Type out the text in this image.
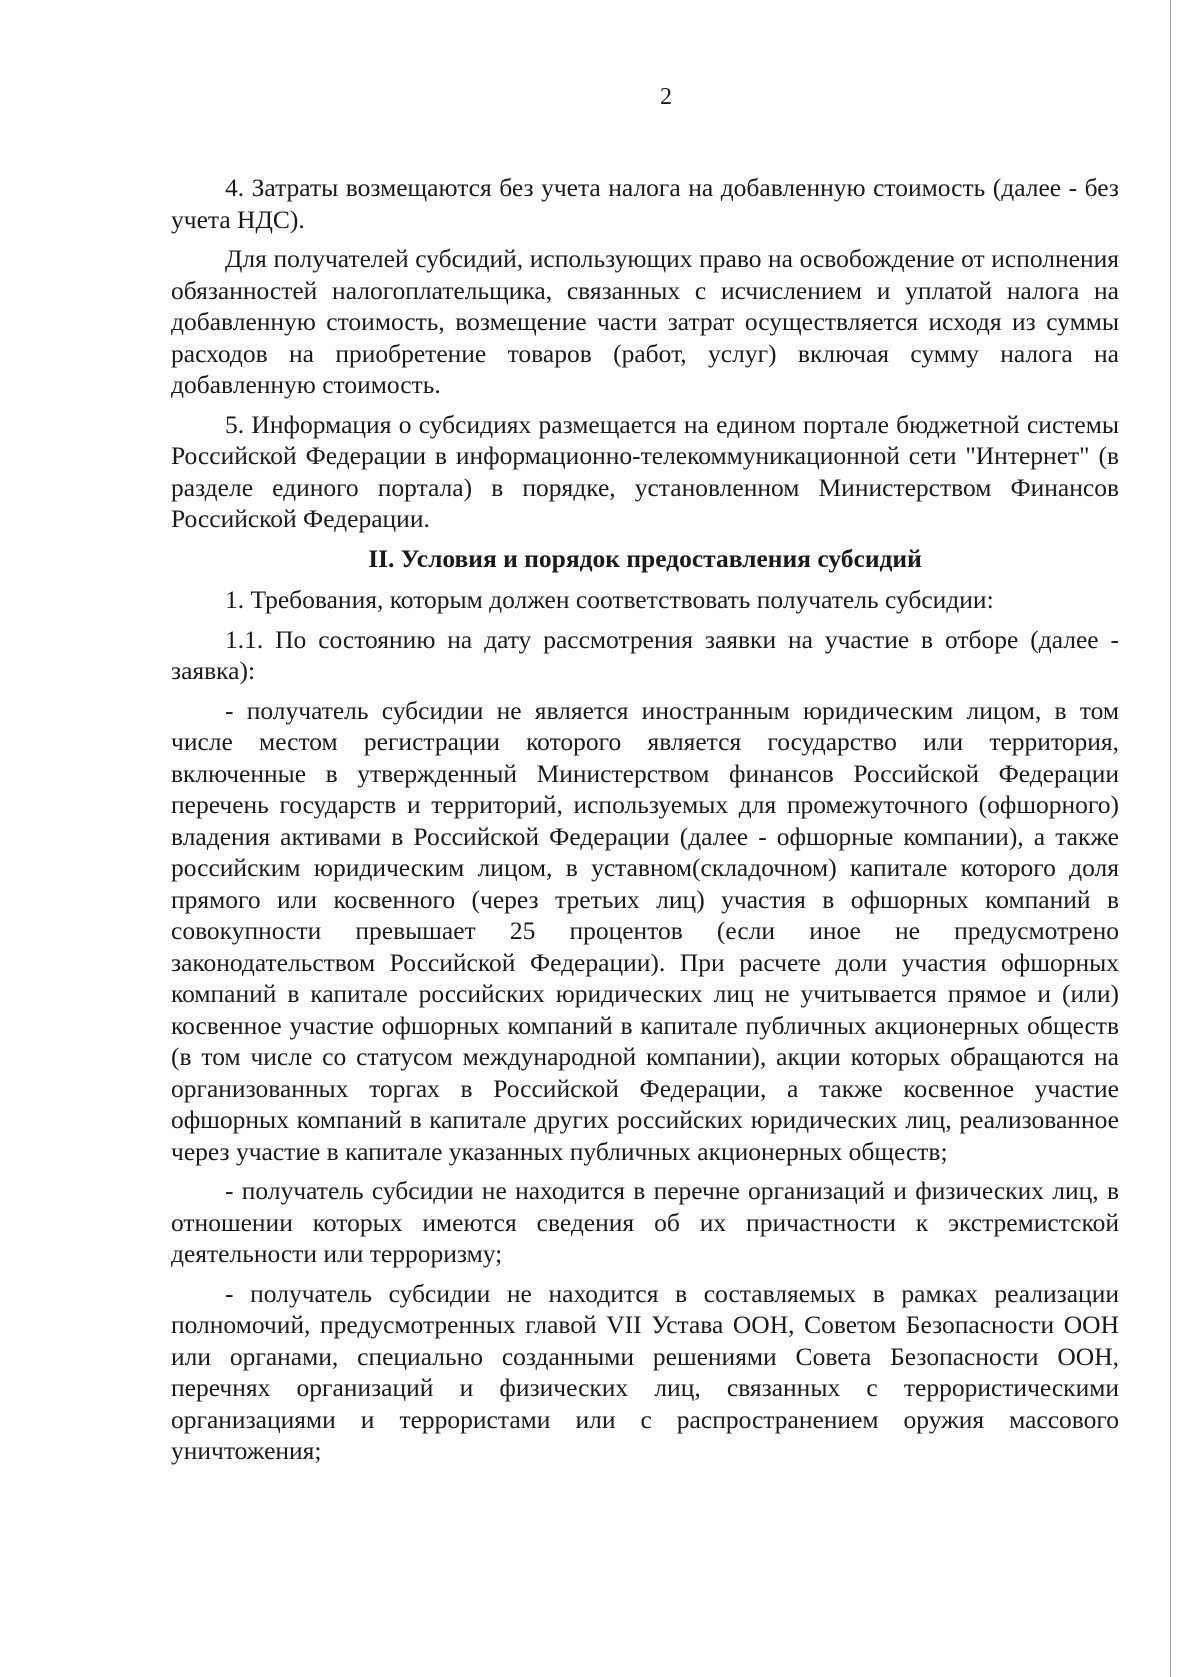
2

4. Затраты возмещаются без учета налога на добавленную стоимость (далее - без учета НДС).

Для получателей субсидий, использующих право на освобождение от исполнения обязанностей налогоплательщика, связанных с исчислением и уплатой налога на добавленную стоимость, возмещение части затрат осуществляется исходя из суммы расходов на приобретение товаров (работ, услуг) включая сумму налога на добавленную стоимость.

5. Информация о субсидиях размещается на едином портале бюджетной системы Российской Федерации в информационно-телекоммуникационной сети "Интернет" (в разделе единого портала) в порядке, установленном Министерством Финансов Российской Федерации.

II. Условия и порядок предоставления субсидий

1. Требования, которым должен соответствовать получатель субсидии:

1.1. По состоянию на дату рассмотрения заявки на участие в отборе (далее - заявка):

- получатель субсидии не является иностранным юридическим лицом, в том числе местом регистрации которого является государство или территория, включенные в утвержденный Министерством финансов Российской Федерации перечень государств и территорий, используемых для промежуточного (офшорного) владения активами в Российской Федерации (далее - офшорные компании), а также российским юридическим лицом, в уставном(складочном) капитале которого доля прямого или косвенного (через третьих лиц) участия в офшорных компаний в совокупности превышает 25 процентов (если иное не предусмотрено законодательством Российской Федерации). При расчете доли участия офшорных компаний в капитале российских юридических лиц не учитывается прямое и (или) косвенное участие офшорных компаний в капитале публичных акционерных обществ (в том числе со статусом международной компании), акции которых обращаются на организованных торгах в Российской Федерации, а также косвенное участие офшорных компаний в капитале других российских юридических лиц, реализованное через участие в капитале указанных публичных акционерных обществ;

- получатель субсидии не находится в перечне организаций и физических лиц, в отношении которых имеются сведения об их причастности к экстремистской деятельности или терроризму;

- получатель субсидии не находится в составляемых в рамках реализации полномочий, предусмотренных главой VII Устава ООН, Советом Безопасности ООН или органами, специально созданными решениями Совета Безопасности ООН, перечнях организаций и физических лиц, связанных с террористическими организациями и террористами или с распространением оружия массового уничтожения;
